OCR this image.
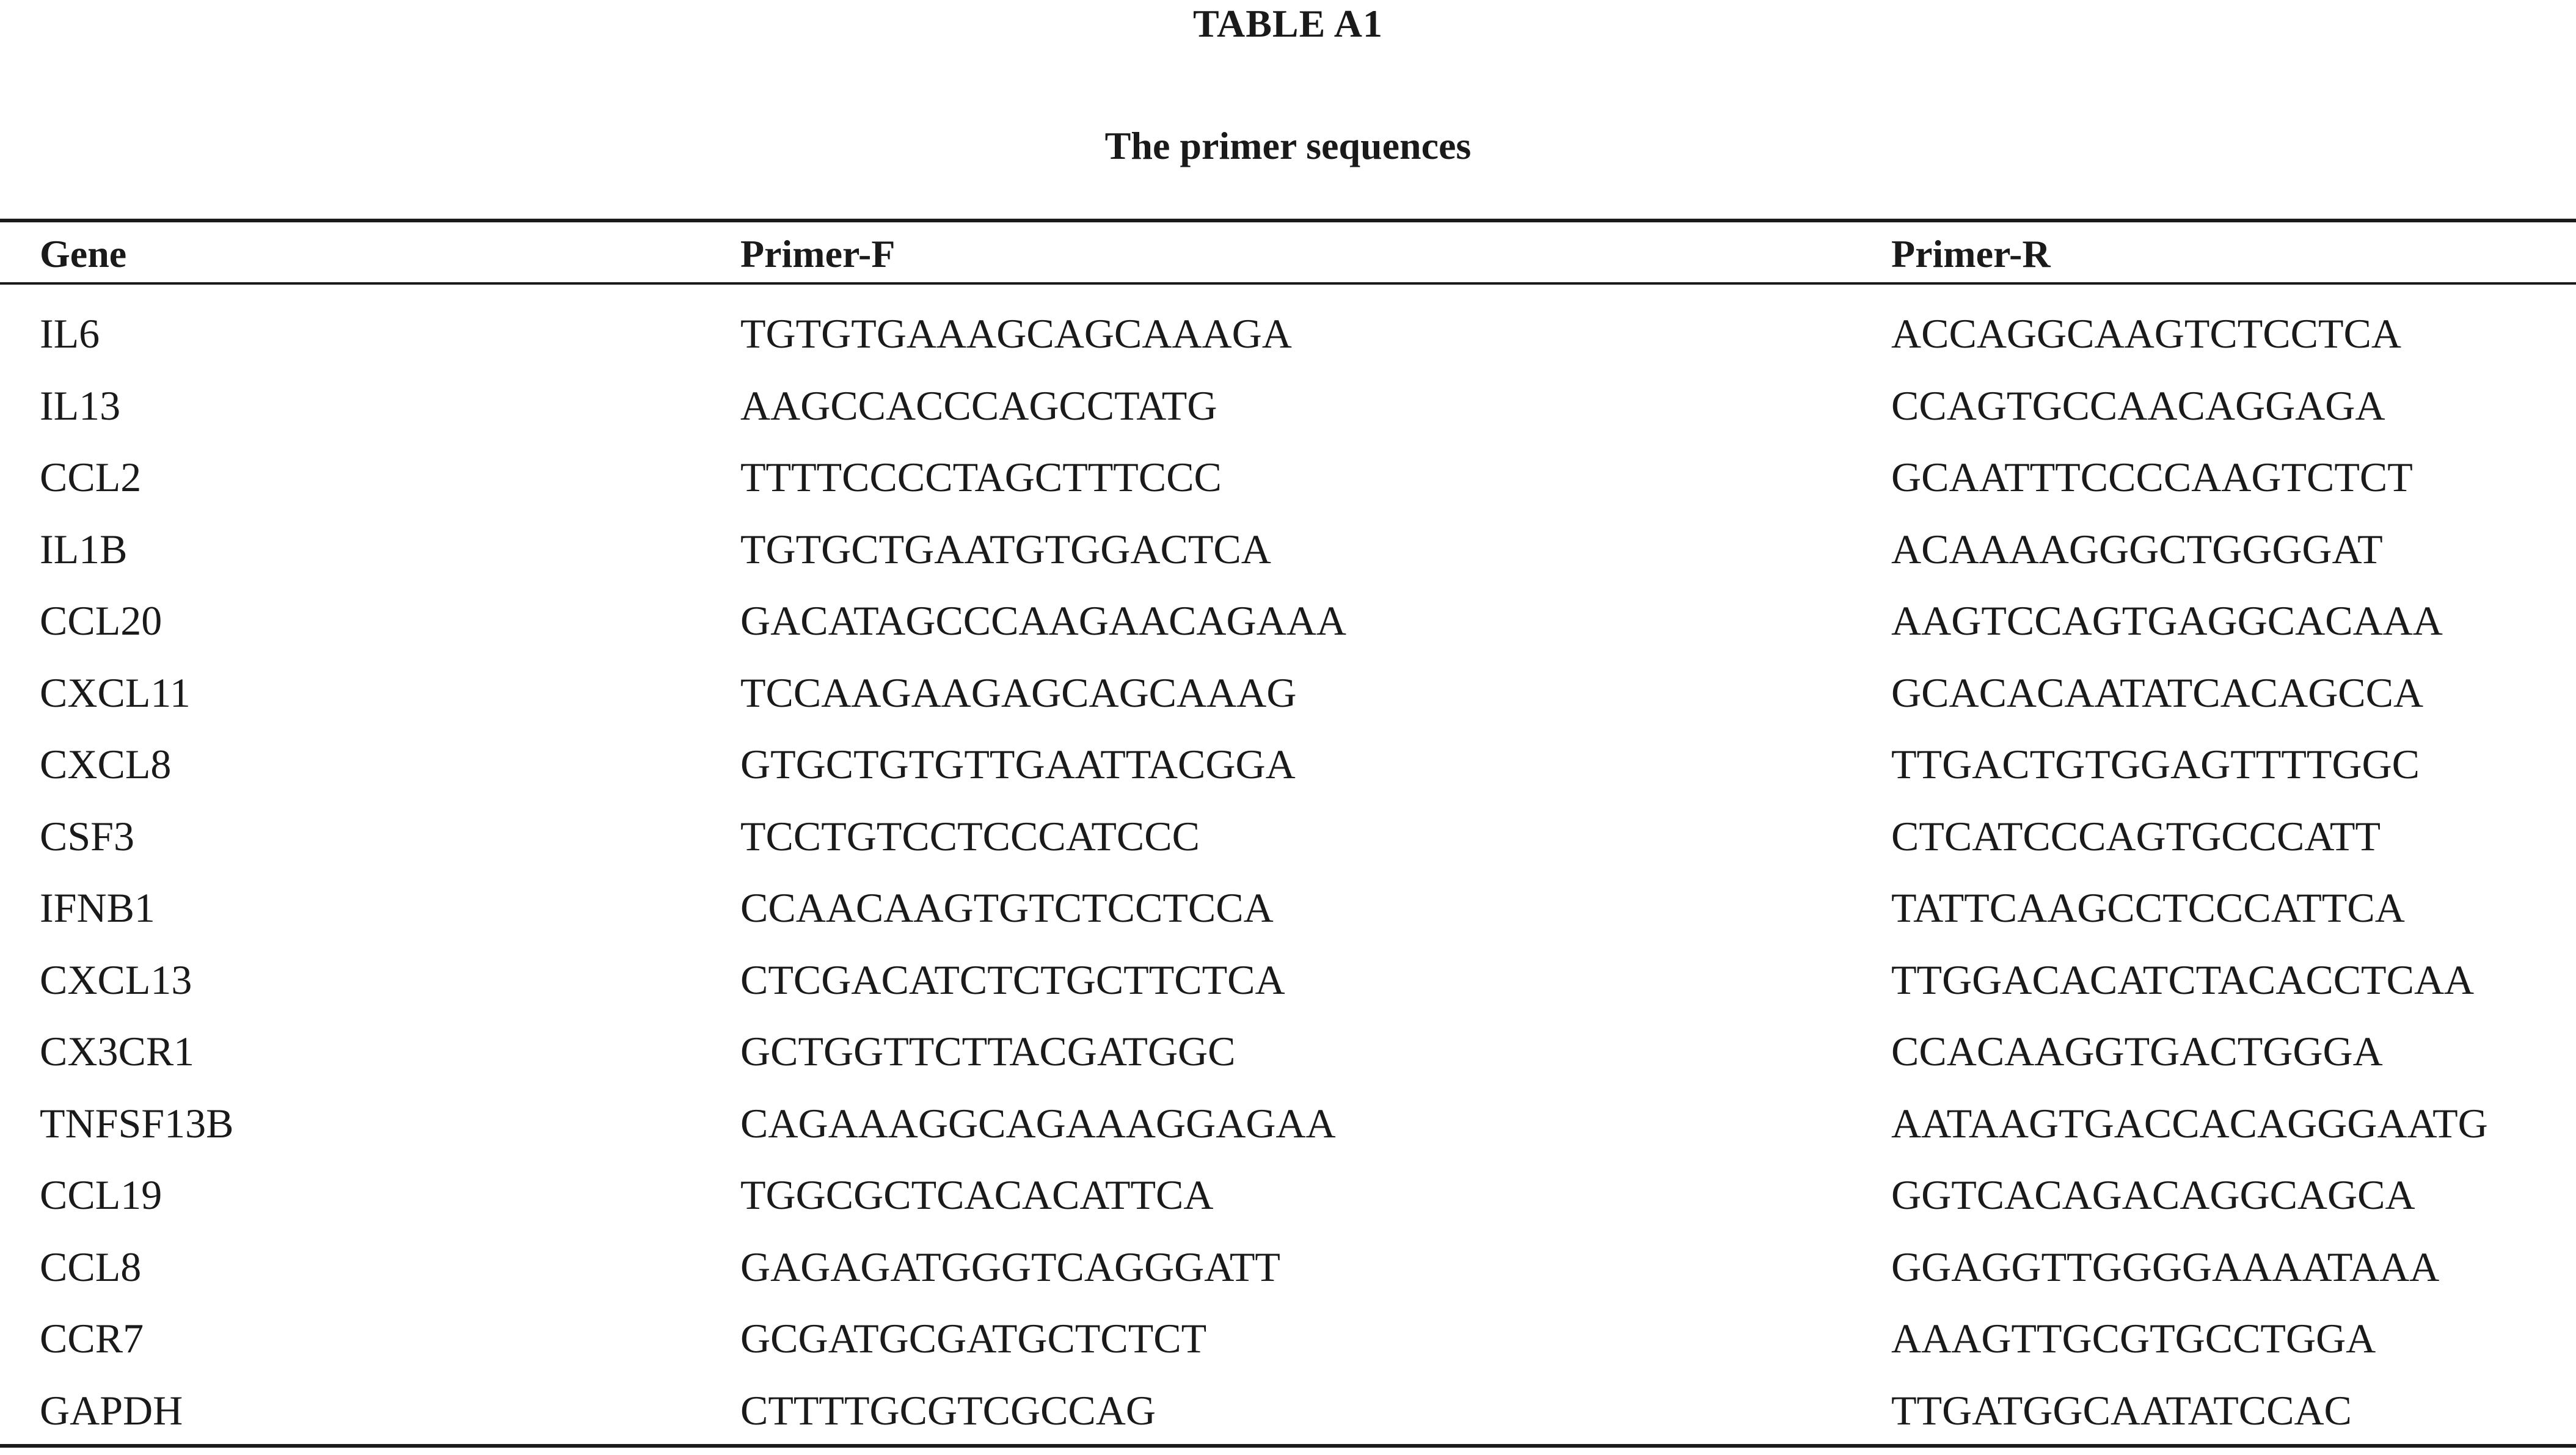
TABLE A1
The primer sequences
Gene	Primer-F	Primer-R
IL6	TGTGTGAAAGCAGCAAAGA	ACCAGGCAAGTCTCCTCA
IL13	AAGCCACCCAGCCTATG	CCAGTGCCAACAGGAGA
CCL2	TTTTCCCCTAGCTTTCCC	GCAATTTCCCCAAGTCTCT
IL1B	TGTGCTGAATGTGGACTCA	ACAAAAGGGCTGGGGAT
CCL20	GACATAGCCCAAGAACAGAAA	AAGTCCAGTGAGGCACAAA
CXCL11	TCCAAGAAGAGCAGCAAAG	GCACACAATATCACAGCCA
CXCL8	GTGCTGTGTTGAATTACGGA	TTGACTGTGGAGTTTTGGC
CSF3	TCCTGTCCTCCCATCCC	CTCATCCCAGTGCCCATT
IFNB1	CCAACAAGTGTCTCCTCCA	TATTCAAGCCTCCCATTCA
CXCL13	CTCGACATCTCTGCTTCTCA	TTGGACACATCTACACCTCAA
CX3CR1	GCTGGTTCTTACGATGGC	CCACAAGGTGACTGGGA
TNFSF13B	CAGAAAGGCAGAAAGGAGAA	AATAAGTGACCACAGGGAATG
CCL19	TGGCGCTCACACATTCA	GGTCACAGACAGGCAGCA
CCL8	GAGAGATGGGTCAGGGATT	GGAGGTTGGGGAAAATAAA
CCR7	GCGATGCGATGCTCTCT	AAAGTTGCGTGCCTGGA
GAPDH	CTTTTGCGTCGCCAG	TTGATGGCAATATCCAC
